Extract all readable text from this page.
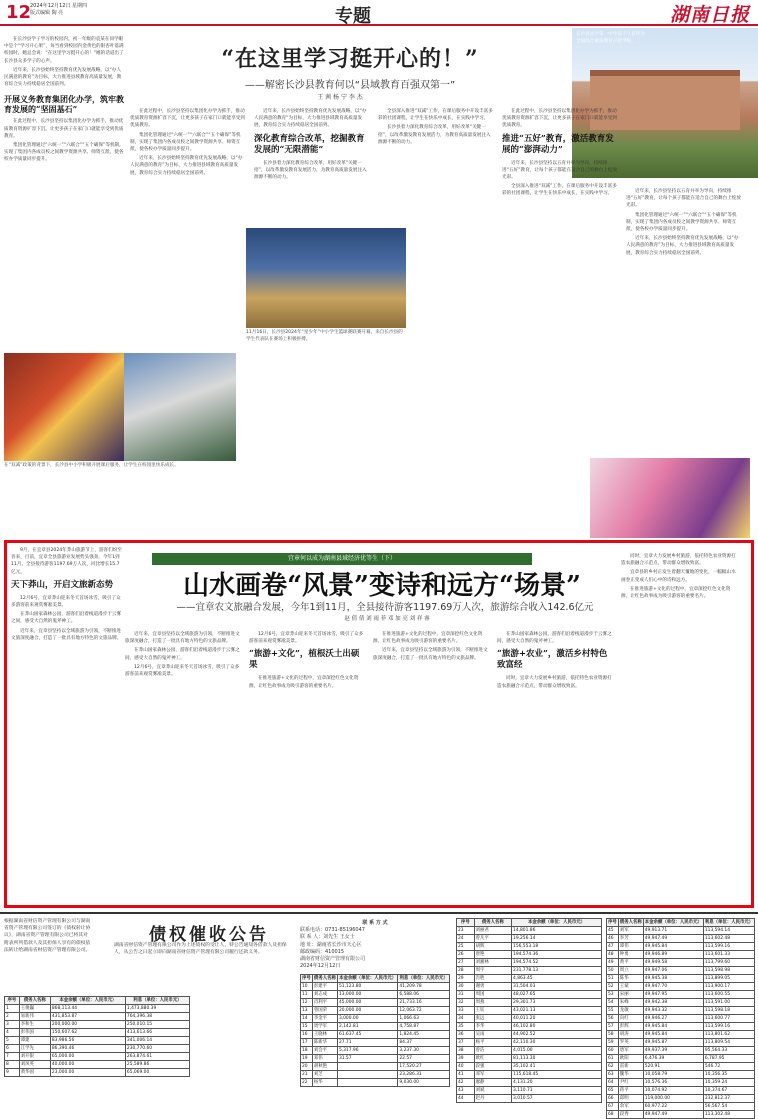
12
2024年12月12日 星期四
版式编辑 陶 亮	专题	湖南日报

在长沙县学子学习的校园内，初一年级的袁某在同学眼中是个“学习开心果”，每当看到校园内金黄色的银杏叶落满校园时，她总会说：“在这里学习挺开心的！”她的话道出了长沙县众多学子的心声。

近年来，长沙县始终坚持教育优先发展战略，以“办人民满意的教育”为目标，大力推进县域教育高质量发展，教育综合实力持续稳居全国前列。

开展义务教育集团化办学，筑牢教育发展的“坚固基石”

在此过程中，长沙县坚持以集团化办学为抓手，推动优质教育资源扩容下沉，让更多孩子在家门口就能享受到优质教育。

集团化管理通过“六统一”“六联合”“五个确保”等机制，实现了集团内各成员校之间教学资源共享、师资互派，使各校办学质量同步提升。

“在这里学习挺开心的！”
——解密长沙县教育何以“县域教育百强双第一”
王 茜 杨 宁 李 杰
长沙县星沙第一中学前不久获评为全国综合素质教育示范学校。

在此过程中，长沙县坚持以集团化办学为抓手，推动优质教育资源扩容下沉，让更多孩子在家门口就能享受到优质教育。

集团化管理通过“六统一”“六联合”“五个确保”等机制，实现了集团内各成员校之间教学资源共享、师资互派，使各校办学质量同步提升。

近年来，长沙县始终坚持教育优先发展战略，以“办人民满意的教育”为目标，大力推进县域教育高质量发展，教育综合实力持续稳居全国前列。

近年来，长沙县始终坚持教育优先发展战略，以“办人民满意的教育”为目标，大力推进县域教育高质量发展，教育综合实力持续稳居全国前列。

深化教育综合改革，挖掘教育发展的“无限潜能”

长沙县着力深化教育综合改革，用好改革“关键一招”，以改革激发教育发展活力，为教育高质量发展注入源源不断的动力。

全县深入推进“双减”工作，在课后服务中开设丰富多彩的社团课程，让学生在快乐中成长，在实践中学习。

长沙县着力深化教育综合改革，用好改革“关键一招”，以改革激发教育发展活力，为教育高质量发展注入源源不断的动力。

在此过程中，长沙县坚持以集团化办学为抓手，推动优质教育资源扩容下沉，让更多孩子在家门口就能享受到优质教育。

推进“五好”教育，激活教育发展的“澎湃动力”

近年来，长沙县坚持以五育并举为导向，持续推进“五好”教育，让每个孩子都能在适合自己的舞台上绽放光彩。

全县深入推进“双减”工作，在课后服务中开设丰富多彩的社团课程，让学生在快乐中成长，在实践中学习。	近年来，长沙县坚持以五育并举为导向，持续推进“五好”教育，让每个孩子都能在适合自己的舞台上绽放光彩。

集团化管理通过“六统一”“六联合”“五个确保”等机制，实现了集团内各成员校之间教学资源共享、师资互派，使各校办学质量同步提升。

近年来，长沙县始终坚持教育优先发展战略，以“办人民满意的教育”为目标，大力推进县域教育高质量发展，教育综合实力持续稳居全国前列。

在“双减”政策的背景下，长沙县中小学积极开展课后服务，让学生在校园里快乐成长。
11月16日，长沙县2024年“星少年”中小学生篮球赛联赛开幕，来自长沙县的学生代表队在赛场上积极拼搏。

9月，在宜章县2024年莽山旅游节上，游客们纷至沓来，目前，宜章全县旅游业发展势头强劲，今年1到11月，全县接待游客1197.69万人次，同比增长15.7亿元。

天下莽山，开启文旅新态势

12月6号，宜章莽山迎来冬天首场冰雪，吸引了众多游客前来观赏雾凇美景。

在莽山国家森林公园，游客们沿着栈道漫步于云雾之间，感受大自然的鬼斧神工。

近年来，宜章县坚持以全域旅游为引领，不断推进文旅深度融合，打造了一批具有地方特色的文旅品牌。

宜章何以成为湖南县域经济优等生（下）
山水画卷“风景”变诗和远方“场景”
——宜章农文旅融合发展，今年1到11月，全县接待游客1197.69万人次，旅游综合收入142.6亿元
赵 倩 倩 刘 雨 菲 邓 加 亮 刘 祥 睿

近年来，宜章县坚持以全域旅游为引领，不断推进文旅深度融合，打造了一批具有地方特色的文旅品牌。

在莽山国家森林公园，游客们沿着栈道漫步于云雾之间，感受大自然的鬼斧神工。

12月6号，宜章莽山迎来冬天首场冰雪，吸引了众多游客前来观赏雾凇美景。

12月6号，宜章莽山迎来冬天首场冰雪，吸引了众多游客前来观赏雾凇美景。

“旅游+文化”，植根沃土出硕果

在推进旅游+文化的过程中，宜章深挖红色文化资源，让红色故事成为吸引游客的重要名片。

在推进旅游+文化的过程中，宜章深挖红色文化资源，让红色故事成为吸引游客的重要名片。

近年来，宜章县坚持以全域旅游为引领，不断推进文旅深度融合，打造了一批具有地方特色的文旅品牌。

在莽山国家森林公园，游客们沿着栈道漫步于云雾之间，感受大自然的鬼斧神工。

“旅游+农业”，激活乡村特色致富经

同时，宜章大力发展乡村旅游，依托特色农业资源打造农旅融合示范点，带动群众增收致富。

同时，宜章大力发展乡村旅游，依托特色农业资源打造农旅融合示范点，带动群众增收致富。

宜章县的乡村正发生着翻天覆地的变化，一幅幅山水画卷正变成人们心中的诗和远方。

在推进旅游+文化的过程中，宜章深挖红色文化资源，让红色故事成为吸引游客的重要名片。

根据湖南省财信资产管理有限公司与湖南省资产管理有限公司签订的《债权转让协议》，湖南省资产管理有限公司已将其对附表所列借款人及其担保人享有的债权依法转让给湖南省财信资产管理有限公司。
债权催收公告
湖南省财信资产管理有限公司作为上述债权的受让人，特公告通知各借款人及担保人，从公告之日起立即向湖南省财信资产管理有限公司履行还款义务。
联 系 方 式
联系电话：0731-85196047
联 系 人：刘先生 王女士
地 址：湖南省长沙市天心区
邮政编码：410015
湖南省财信资产管理有限公司
2024年12月12日
序号	债务人名称	本金余额（单位：人民币元）	利息（单位：人民币元）
1	王俊巍	868,113.44	1,473,880.39
2	易新伟	431,853.87	764,396.38
3	李和生	200,000.00	250,010.15
4	彭伟国	150,607.62	413,613.66
5	谭建	83,986.56	341,006.14
6	江学先	86,390.46	230,770.60
7	刘开银	65,000.00	263,874.61
8	刘凤英	40,000.00	25,589.86
9	黄华国	23,000.00	65,069.00
序号	债务人名称	本金余额（单位：人民币元）	利息（单位：人民币元）
10	彭建平	51,123.80	41,209.78
11	刘志成	13,000.00	6,588.06
12	肖利平	45,000.00	21,733.16
13	曾国荣	20,000.00	12,063.72
14	李金平	3,000.00	1,066.63
15	周学军	2,142.81	4,758.87
16	王晓林	61,637.45	1,824.45
17	陈新华	27.71	84.37
18	刘会平	5,317.96	3,237.30
19	邓伟	31.57	22.57
20	胡秋艳		17,520.27
21	刘芝		23,286.31
22	杨华		9,030.00
序号	债务人名称	本金余额（单位：人民币元）
23	刘丽君	14,801.86
24	曾凡平	19,256.14
25	胡辉	156,553.18
26	唐艳	194,574.36
27	刘湘林	194,574.52
28	周宇	231,778.13
29	肖胜	4,863.45
30	谢勇	31,504.03
31	周国	48,027.65
32	周燕	29,301.73
33	王钰	43,021.13
34	张远	40,011.20
35	李华	46,102.80
36	吴雨	44,902.52
37	杨平	42,110.30
38	曾洁	4,015.00
39	欧红	81,113.30
40	段强	35,102.41
41	邓军	115,618.45
42	廖静	4,131.20
43	刘斌	3,110.71
44	赵丹	3,010.57
序号	债务人名称	本金余额（单位：人民币元）	利息（单位：人民币元）
45	刘军	49,913.71	113,594.14
46	李芳	49,947.49	113,602.48
47	谭伟	49,945.84	113,599.16
48	钟勇	49,946.89	113,601.33
49	黄平	49,949.58	113,799.60
50	周立	49,947.06	113,598.98
51	陈华	49,945.38	113,899.05
52	王斌	49,947.70	113,900.17
53	宋丽	49,947.95	113,600.55
54	朱峰	49,942.38	113,591.00
55	龙敏	49,943.32	113,598.18
56	向红	49,946.27	113,600.77
57	彭辉	49,945.84	113,599.16
58	胡涛	49,945.84	113,801.62
59	罗英	49,945.87	113,809.54
60	唐军	49,937.39	95,564.33
61	欧阳	6,476.39	6,787.95
62	雷新	520.91	546.72
63	魏华	10,058.79	10,356.35
64	尹红	10,576.36	10,359.24
65	蒋平	10,074.92	10,374.67
66	邱明	119,000.00	232,812.37
67	余军	60,977.22	56,567.54
68	段秀	49,947.49	113,302.48
